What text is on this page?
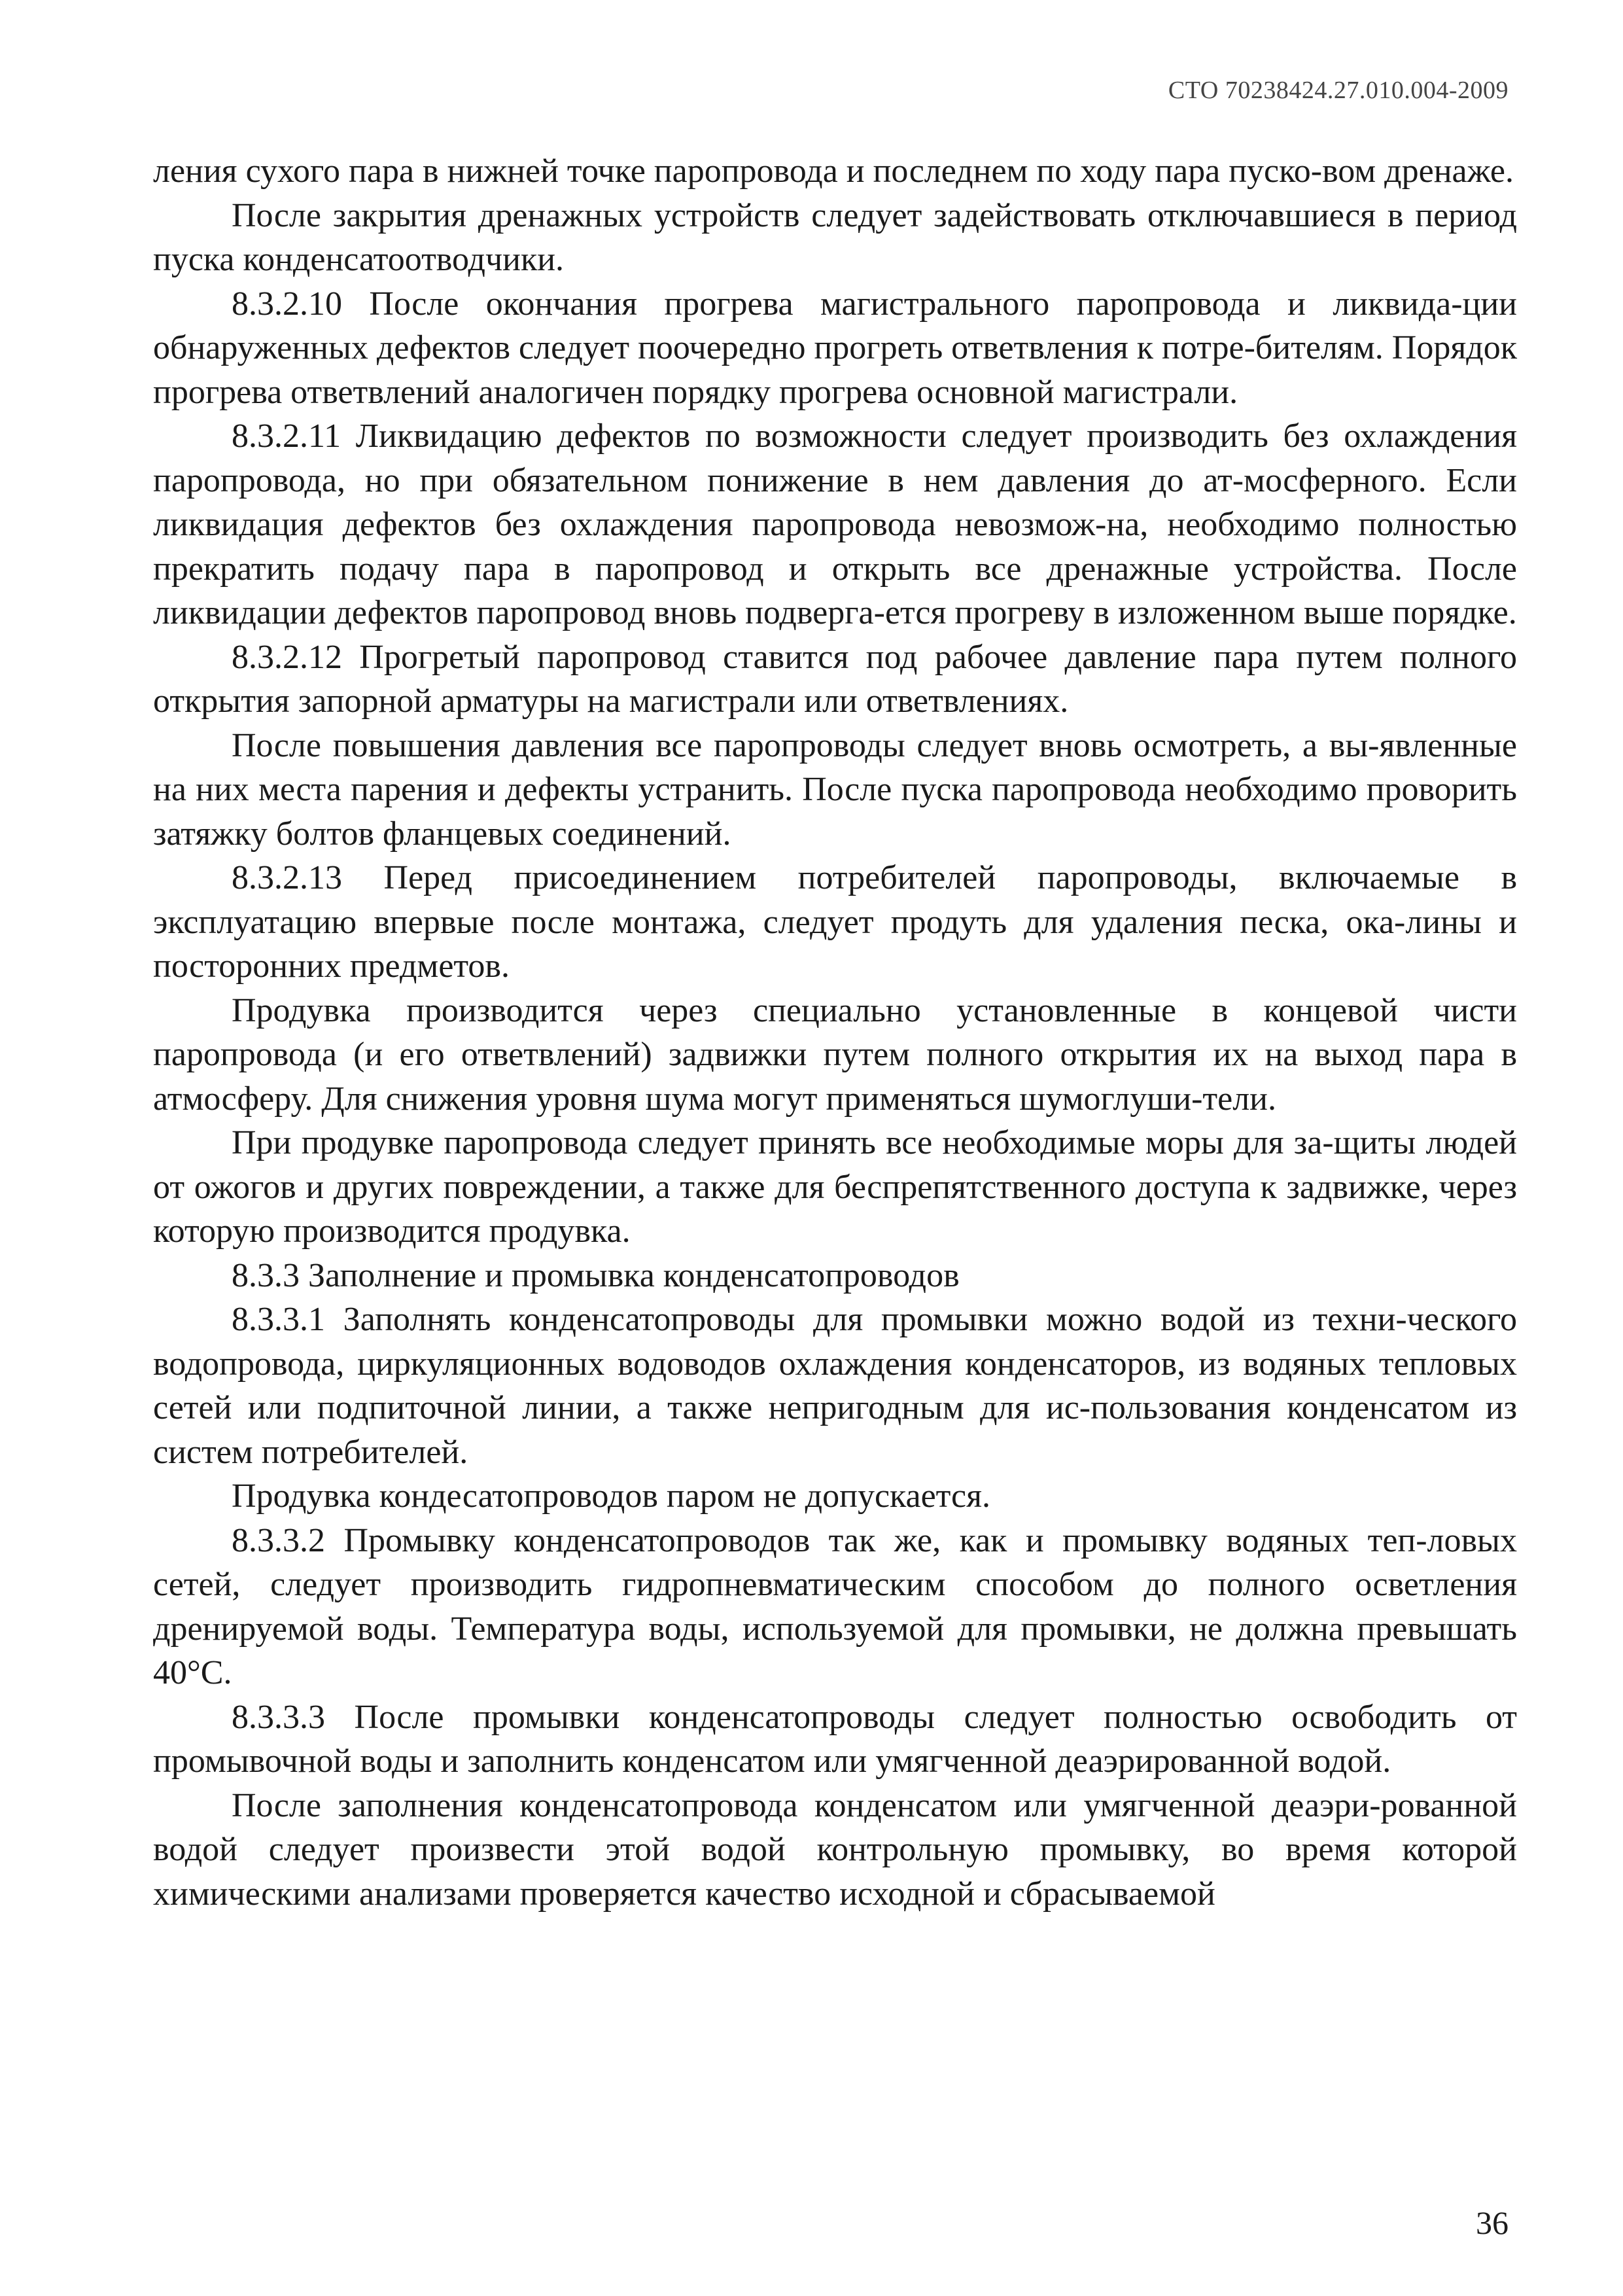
СТО 70238424.27.010.004-2009

ления сухого пара в нижней точке паропровода и последнем по ходу пара пуско-вом дренаже.

После закрытия дренажных устройств следует задействовать отключавшиеся в период пуска конденсатоотводчики.

8.3.2.10 После окончания прогрева магистрального паропровода и ликвида-ции обнаруженных дефектов следует поочередно прогреть ответвления к потре-бителям. Порядок прогрева ответвлений аналогичен порядку прогрева основной магистрали.

8.3.2.11 Ликвидацию дефектов по возможности следует производить без охлаждения паропровода, но при обязательном понижение в нем давления до ат-мосферного. Если ликвидация дефектов без охлаждения паропровода невозмож-на, необходимо полностью прекратить подачу пара в паропровод и открыть все дренажные устройства. После ликвидации дефектов паропровод вновь подверга-ется прогреву в изложенном выше порядке.

8.3.2.12 Прогретый паропровод ставится под рабочее давление пара путем полного открытия запорной арматуры на магистрали или ответвлениях.

После повышения давления все паропроводы следует вновь осмотреть, а вы-явленные на них места парения и дефекты устранить. После пуска паропровода необходимо проворить затяжку болтов фланцевых соединений.

8.3.2.13 Перед присоединением потребителей паропроводы, включаемые в эксплуатацию впервые после монтажа, следует продуть для удаления песка, ока-лины и посторонних предметов.

Продувка производится через специально установленные в концевой чисти паропровода (и его ответвлений) задвижки путем полного открытия их на выход пара в атмосферу. Для снижения уровня шума могут применяться шумоглуши-тели.

При продувке паропровода следует принять все необходимые моры для за-щиты людей от ожогов и других повреждении, а также для беспрепятственного доступа к задвижке, через которую производится продувка.

8.3.3 Заполнение и промывка конденсатопроводов

8.3.3.1 Заполнять конденсатопроводы для промывки можно водой из техни-ческого водопровода, циркуляционных водоводов охлаждения конденсаторов, из водяных тепловых сетей или подпиточной линии, а также непригодным для ис-пользования конденсатом из систем потребителей.

Продувка кондесатопроводов паром не допускается.

8.3.3.2 Промывку конденсатопроводов так же, как и промывку водяных теп-ловых сетей, следует производить гидропневматическим способом до полного осветления дренируемой воды. Температура воды, используемой для промывки, не должна превышать 40°С.

8.3.3.3 После промывки конденсатопроводы следует полностью освободить от промывочной воды и заполнить конденсатом или умягченной деаэрированной водой.

После заполнения конденсатопровода конденсатом или умягченной деаэри-рованной водой следует произвести этой водой контрольную промывку, во время которой химическими анализами проверяется качество исходной и сбрасываемой

36
